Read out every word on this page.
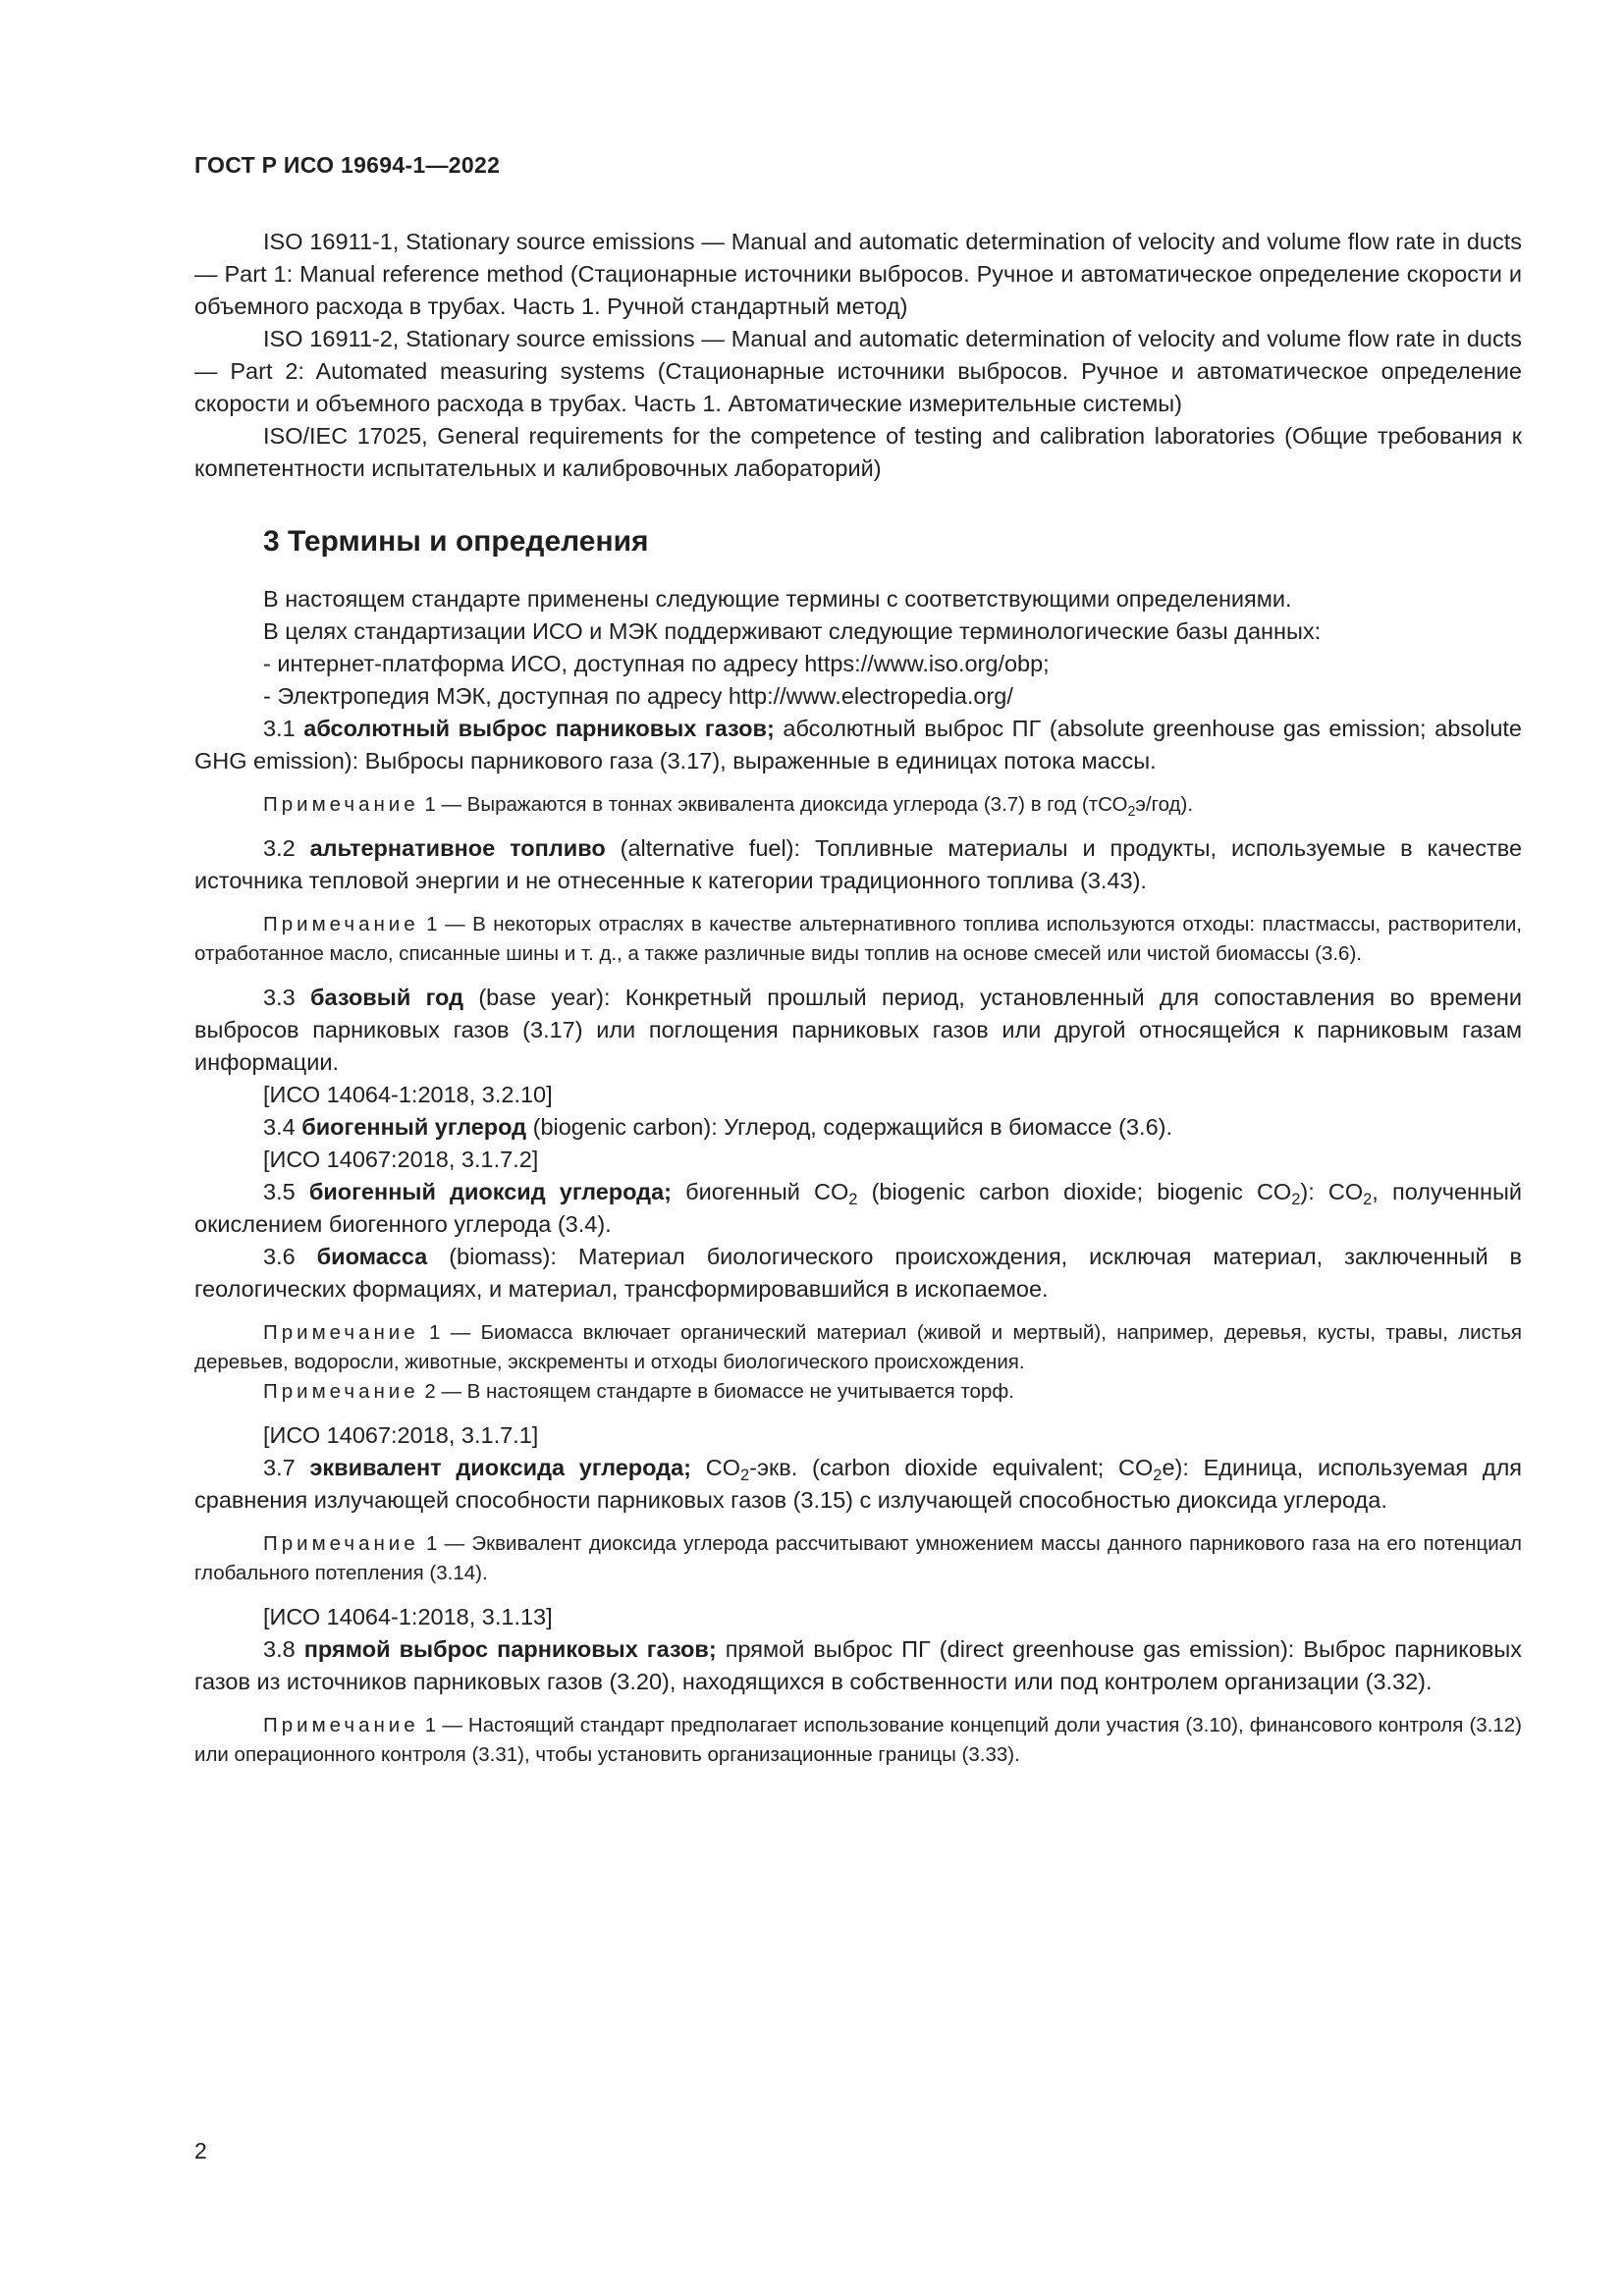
ГОСТ Р ИСО 19694-1—2022

ISO 16911-1, Stationary source emissions — Manual and automatic determination of velocity and volume flow rate in ducts — Part 1: Manual reference method (Стационарные источники выбросов. Ручное и автоматическое определение скорости и объемного расхода в трубах. Часть 1. Ручной стандартный метод)

ISO 16911-2, Stationary source emissions — Manual and automatic determination of velocity and volume flow rate in ducts — Part 2: Automated measuring systems (Стационарные источники выбросов. Ручное и автоматическое определение скорости и объемного расхода в трубах. Часть 1. Автоматические измерительные системы)

ISO/IEC 17025, General requirements for the competence of testing and calibration laboratories (Общие требования к компетентности испытательных и калибровочных лабораторий)

3 Термины и определения

В настоящем стандарте применены следующие термины с соответствующими определениями.

В целях стандартизации ИСО и МЭК поддерживают следующие терминологические базы данных:

- интернет-платформа ИСО, доступная по адресу https://www.iso.org/obp;

- Электропедия МЭК, доступная по адресу http://www.electropedia.org/

3.1 абсолютный выброс парниковых газов; абсолютный выброс ПГ (absolute greenhouse gas emission; absolute GHG emission): Выбросы парникового газа (3.17), выраженные в единицах потока массы.

Примечание 1 — Выражаются в тоннах эквивалента диоксида углерода (3.7) в год (тСО$_2$э/год).

3.2 альтернативное топливо (alternative fuel): Топливные материалы и продукты, используемые в качестве источника тепловой энергии и не отнесенные к категории традиционного топлива (3.43).

Примечание 1 — В некоторых отраслях в качестве альтернативного топлива используются отходы: пластмассы, растворители, отработанное масло, списанные шины и т. д., а также различные виды топлив на основе смесей или чистой биомассы (3.6).

3.3 базовый год (base year): Конкретный прошлый период, установленный для сопоставления во времени выбросов парниковых газов (3.17) или поглощения парниковых газов или другой относящейся к парниковым газам информации.

[ИСО 14064-1:2018, 3.2.10]

3.4 биогенный углерод (biogenic carbon): Углерод, содержащийся в биомассе (3.6).

[ИСО 14067:2018, 3.1.7.2]

3.5 биогенный диоксид углерода; биогенный $CO_2$ (biogenic carbon dioxide; biogenic $CO_2$): $CO_2$, полученный окислением биогенного углерода (3.4).

3.6 биомасса (biomass): Материал биологического происхождения, исключая материал, заключенный в геологических формациях, и материал, трансформировавшийся в ископаемое.

Примечание 1 — Биомасса включает органический материал (живой и мертвый), например, деревья, кусты, травы, листья деревьев, водоросли, животные, экскременты и отходы биологического происхождения.

Примечание 2 — В настоящем стандарте в биомассе не учитывается торф.

[ИСО 14067:2018, 3.1.7.1]

3.7 эквивалент диоксида углерода; $CO_2$-экв. (carbon dioxide equivalent; $CO_2e$): Единица, используемая для сравнения излучающей способности парниковых газов (3.15) с излучающей способностью диоксида углерода.

Примечание 1 — Эквивалент диоксида углерода рассчитывают умножением массы данного парникового газа на его потенциал глобального потепления (3.14).

[ИСО 14064-1:2018, 3.1.13]

3.8 прямой выброс парниковых газов; прямой выброс ПГ (direct greenhouse gas emission): Выброс парниковых газов из источников парниковых газов (3.20), находящихся в собственности или под контролем организации (3.32).

Примечание 1 — Настоящий стандарт предполагает использование концепций доли участия (3.10), финансового контроля (3.12) или операционного контроля (3.31), чтобы установить организационные границы (3.33).

2
